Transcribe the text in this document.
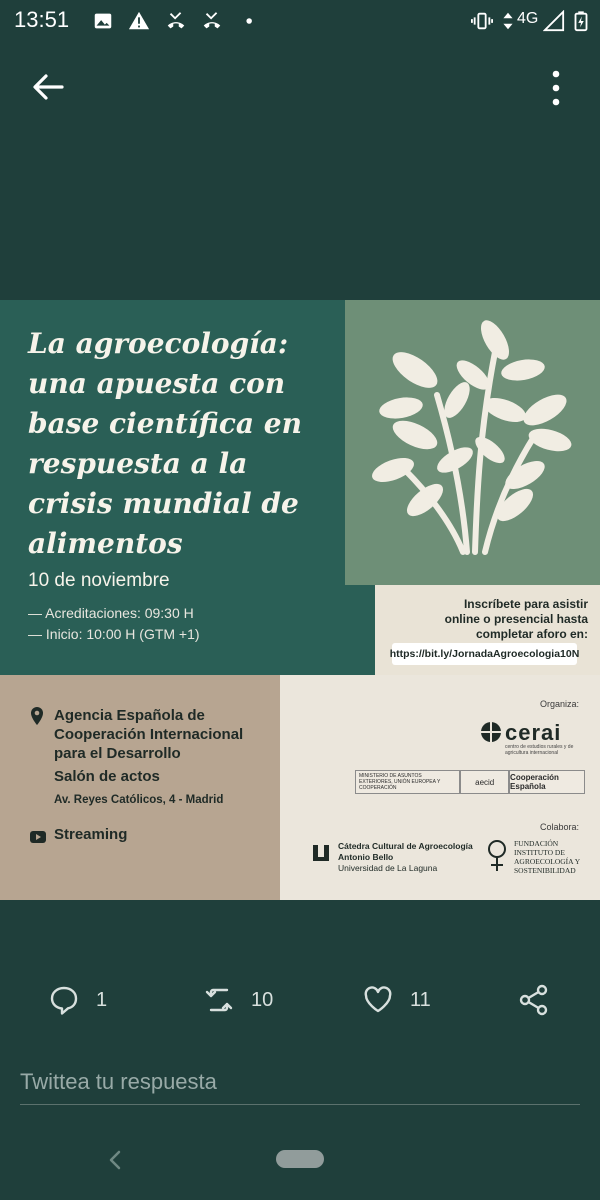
13:51	4G
La agroecología:
una apuesta con
base científica en
respuesta a la
crisis mundial de
alimentos
10 de noviembre
— Acreditaciones: 09:30 H
— Inicio: 10:00 H (GTM +1)
Inscríbete para asistir
online o presencial hasta
completar aforo en:
https://bit.ly/JornadaAgroecologia10N
Agencia Española de
Cooperación Internacional
para el Desarrollo
Salón de actos
Av. Reyes Católicos, 4 - Madrid
Streaming
Organiza:
cerai
centro de estudios rurales y de agricultura internacional
MINISTERIO DE ASUNTOS EXTERIORES, UNIÓN EUROPEA Y COOPERACIÓN
aecid	Cooperación Española
Colabora:
Cátedra Cultural de Agroecología
Antonio Bello
Universidad de La Laguna
FUNDACIÓN
INSTITUTO DE
AGROECOLOGÍA Y
SOSTENIBILIDAD
1	10	11
Twittea tu respuesta
